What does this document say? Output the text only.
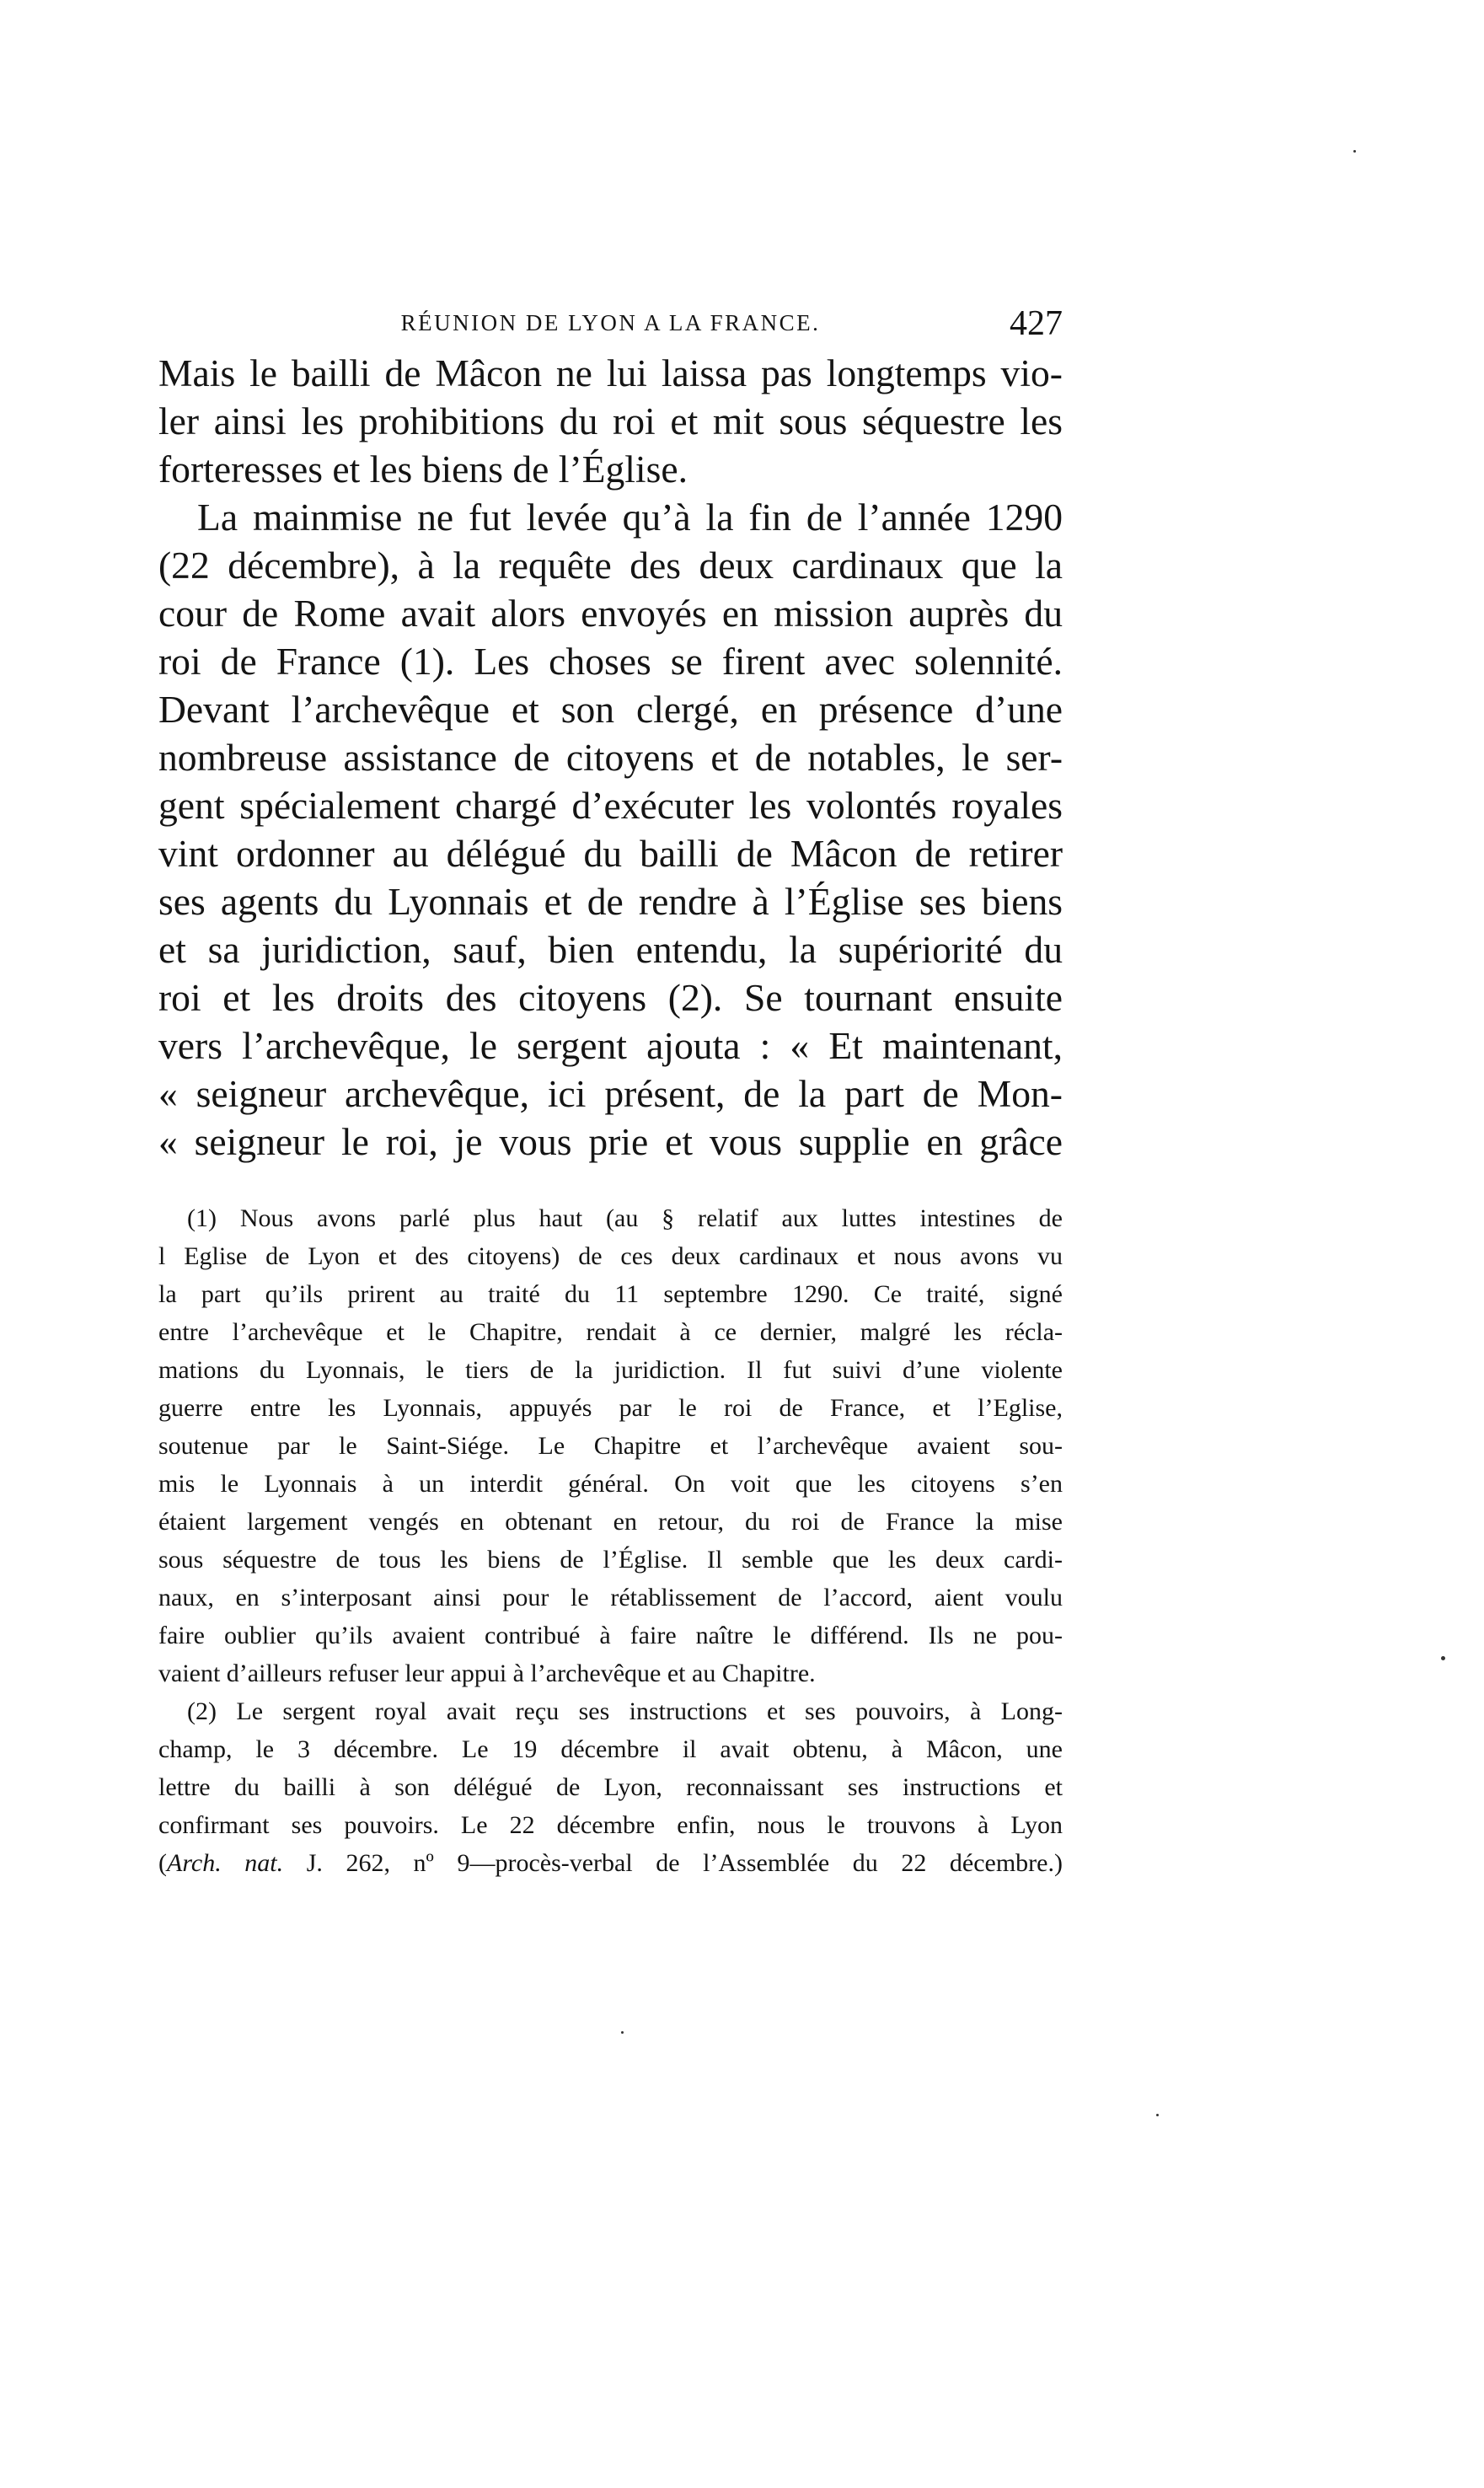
RÉUNION DE LYON A LA FRANCE.	427
Mais le bailli de Mâcon ne lui laissa pas longtemps vio-
ler ainsi les prohibitions du roi et mit sous séquestre les
forteresses et les biens de l’Église.
La mainmise ne fut levée qu’à la fin de l’année 1290
(22 décembre), à la requête des deux cardinaux que la
cour de Rome avait alors envoyés en mission auprès du
roi de France (1). Les choses se firent avec solennité.
Devant l’archevêque et son clergé, en présence d’une
nombreuse assistance de citoyens et de notables, le ser-
gent spécialement chargé d’exécuter les volontés royales
vint ordonner au délégué du bailli de Mâcon de retirer
ses agents du Lyonnais et de rendre à l’Église ses biens
et sa juridiction, sauf, bien entendu, la supériorité du
roi et les droits des citoyens (2). Se tournant ensuite
vers l’archevêque, le sergent ajouta : « Et maintenant,
« seigneur archevêque, ici présent, de la part de Mon-
« seigneur le roi, je vous prie et vous supplie en grâce
(1) Nous avons parlé plus haut (au § relatif aux luttes intestines de
l Eglise de Lyon et des citoyens) de ces deux cardinaux et nous avons vu
la part qu’ils prirent au traité du 11 septembre 1290. Ce traité, signé
entre l’archevêque et le Chapitre, rendait à ce dernier, malgré les récla-
mations du Lyonnais, le tiers de la juridiction. Il fut suivi d’une violente
guerre entre les Lyonnais, appuyés par le roi de France, et l’Eglise,
soutenue par le Saint-Siége. Le Chapitre et l’archevêque avaient sou-
mis le Lyonnais à un interdit général. On voit que les citoyens s’en
étaient largement vengés en obtenant en retour, du roi de France la mise
sous séquestre de tous les biens de l’Église. Il semble que les deux cardi-
naux, en s’interposant ainsi pour le rétablissement de l’accord, aient voulu
faire oublier qu’ils avaient contribué à faire naître le différend. Ils ne pou-
vaient d’ailleurs refuser leur appui à l’archevêque et au Chapitre.
(2) Le sergent royal avait reçu ses instructions et ses pouvoirs, à Long-
champ, le 3 décembre. Le 19 décembre il avait obtenu, à Mâcon, une
lettre du bailli à son délégué de Lyon, reconnaissant ses instructions et
confirmant ses pouvoirs. Le 22 décembre enfin, nous le trouvons à Lyon
(Arch. nat. J. 262, nº 9—procès-verbal de l’Assemblée du 22 décembre.)
